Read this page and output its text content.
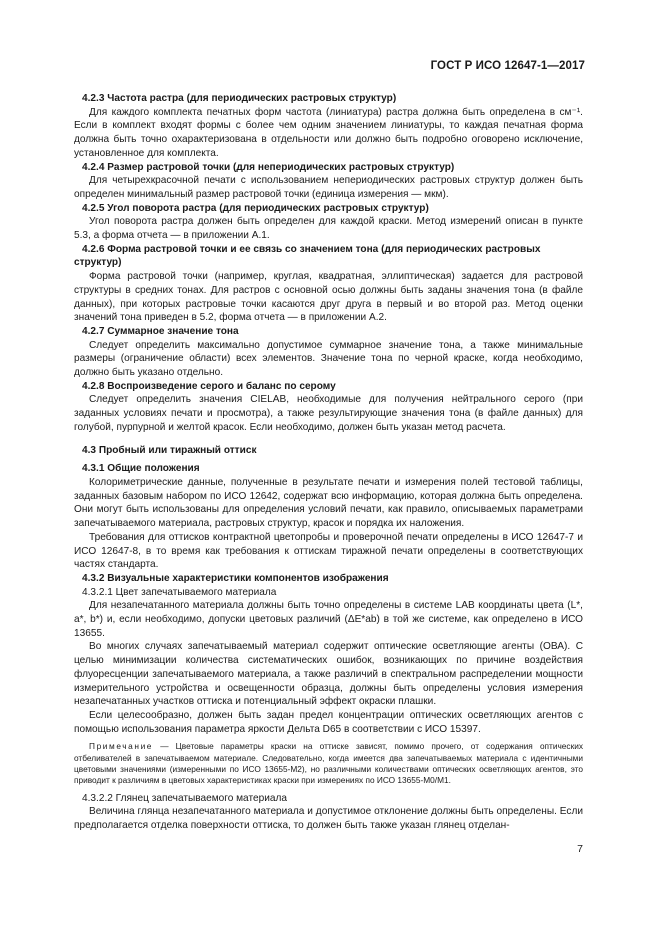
ГОСТ Р ИСО 12647-1—2017

4.2.3 Частота растра (для периодических растровых структур)

Для каждого комплекта печатных форм частота (линиатура) растра должна быть определена в см⁻¹. Если в комплект входят формы с более чем одним значением линиатуры, то каждая печатная форма должна быть точно охарактеризована в отдельности или должно быть подробно оговорено исключение, установленное для комплекта.

4.2.4 Размер растровой точки (для непериодических растровых структур)

Для четырехкрасочной печати с использованием непериодических растровых структур должен быть определен минимальный размер растровой точки (единица измерения — мкм).

4.2.5 Угол поворота растра (для периодических растровых структур)

Угол поворота растра должен быть определен для каждой краски. Метод измерений описан в пункте 5.3, а форма отчета — в приложении А.1.

4.2.6 Форма растровой точки и ее связь со значением тона (для периодических растровых структур)

Форма растровой точки (например, круглая, квадратная, эллиптическая) задается для растровой структуры в средних тонах. Для растров с основной осью должны быть заданы значения тона (в файле данных), при которых растровые точки касаются друг друга в первый и во второй раз. Метод оценки значений тона приведен в 5.2, форма отчета — в приложении А.2.

4.2.7 Суммарное значение тона

Следует определить максимально допустимое суммарное значение тона, а также минимальные размеры (ограничение области) всех элементов. Значение тона по черной краске, когда необходимо, должно быть указано отдельно.

4.2.8 Воспроизведение серого и баланс по серому

Следует определить значения CIELAB, необходимые для получения нейтрального серого (при заданных условиях печати и просмотра), а также результирующие значения тона (в файле данных) для голубой, пурпурной и желтой красок. Если необходимо, должен быть указан метод расчета.

4.3 Пробный или тиражный оттиск

4.3.1 Общие положения

Колориметрические данные, полученные в результате печати и измерения полей тестовой таблицы, заданных базовым набором по ИСО 12642, содержат всю информацию, которая должна быть определена. Они могут быть использованы для определения условий печати, как правило, описываемых параметрами запечатываемого материала, растровых структур, красок и порядка их наложения.

Требования для оттисков контрактной цветопробы и проверочной печати определены в ИСО 12647-7 и ИСО 12647-8, в то время как требования к оттискам тиражной печати определены в соответствующих частях стандарта.

4.3.2 Визуальные характеристики компонентов изображения

4.3.2.1 Цвет запечатываемого материала

Для незапечатанного материала должны быть точно определены в системе LAB координаты цвета (L*, a*, b*) и, если необходимо, допуски цветовых различий (ΔE*ab) в той же системе, как определено в ИСО 13655.

Во многих случаях запечатываемый материал содержит оптические осветляющие агенты (ОВА). С целью минимизации количества систематических ошибок, возникающих по причине воздействия флуоресценции запечатываемого материала, а также различий в спектральном распределении мощности измерительного устройства и освещенности образца, должны быть определены условия измерения незапечатанных участков оттиска и потенциальный эффект окраски плашки.

Если целесообразно, должен быть задан предел концентрации оптических осветляющих агентов с помощью использования параметра яркости Дельта D65 в соответствии с ИСО 15397.

Примечание — Цветовые параметры краски на оттиске зависят, помимо прочего, от содержания оптических отбеливателей в запечатываемом материале. Следовательно, когда имеется два запечатываемых материала с идентичными цветовыми значениями (измеренными по ИСО 13655-М2), но различными количествами оптических осветляющих агентов, это приводит к различиям в цветовых характеристиках краски при измерениях по ИСО 13655-М0/М1.

4.3.2.2 Глянец запечатываемого материала

Величина глянца незапечатанного материала и допустимое отклонение должны быть определены. Если предполагается отделка поверхности оттиска, то должен быть также указан глянец отделан-

7
